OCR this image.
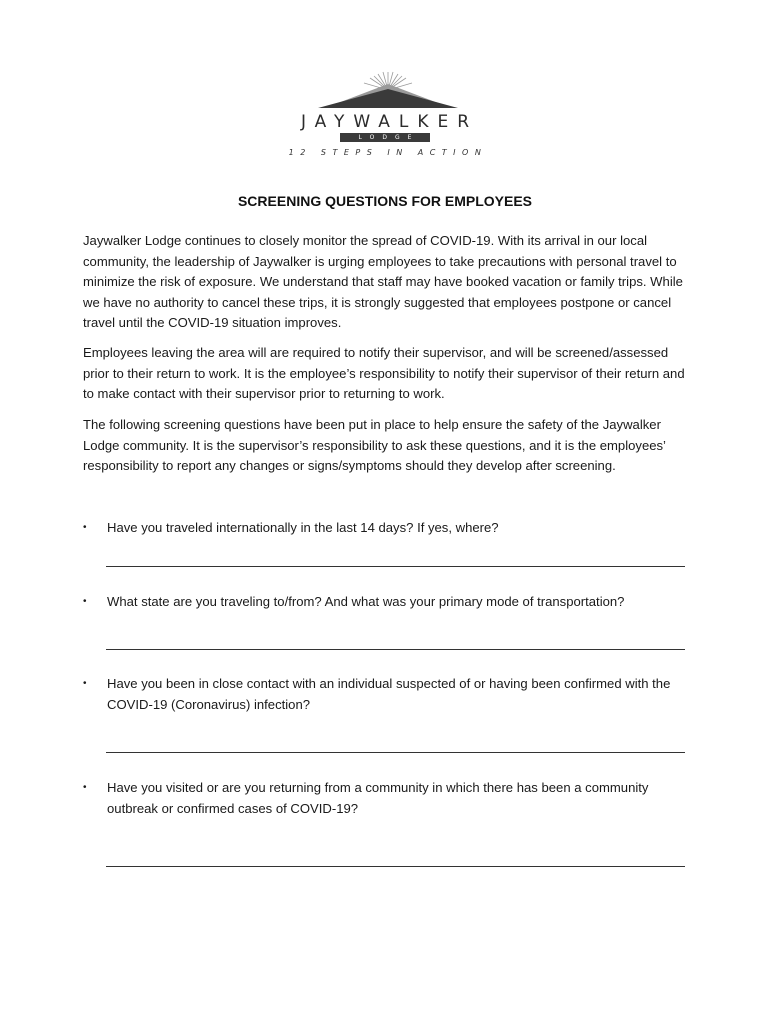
JAYWALKER
LODGE
12 STEPS IN ACTION
SCREENING QUESTIONS FOR EMPLOYEES

Jaywalker Lodge continues to closely monitor the spread of COVID-19. With its arrival in our local community, the leadership of Jaywalker is urging employees to take precautions with personal travel to minimize the risk of exposure. We understand that staff may have booked vacation or family trips. While we have no authority to cancel these trips, it is strongly suggested that employees postpone or cancel travel until the COVID-19 situation improves.

Employees leaving the area will are required to notify their supervisor, and will be screened/assessed prior to their return to work. It is the employee’s responsibility to notify their supervisor of their return and to make contact with their supervisor prior to returning to work.

The following screening questions have been put in place to help ensure the safety of the Jaywalker Lodge community. It is the supervisor’s responsibility to ask these questions, and it is the employees’ responsibility to report any changes or signs/symptoms should they develop after screening.

•	Have you traveled internationally in the last 14 days? If yes, where?
•	What state are you traveling to/from? And what was your primary mode of transportation?
•	Have you been in close contact with an individual suspected of or having been confirmed with the COVID-19 (Coronavirus) infection?
•	Have you visited or are you returning from a community in which there has been a community outbreak or confirmed cases of COVID-19?
